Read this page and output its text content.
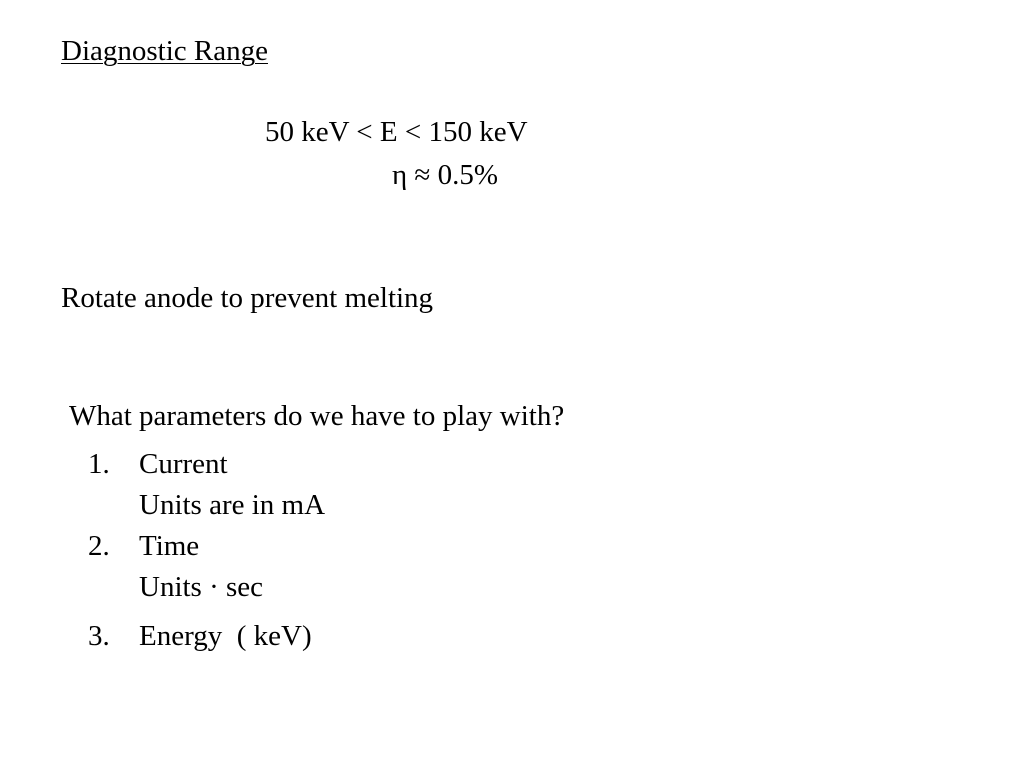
Diagnostic Range
50 keV < E < 150 keV
η ≈ 0.5%
Rotate anode to prevent melting
What parameters do we have to play with?
1. Current
Units are in mA
2. Time
Units · sec
3. Energy  ( keV)
